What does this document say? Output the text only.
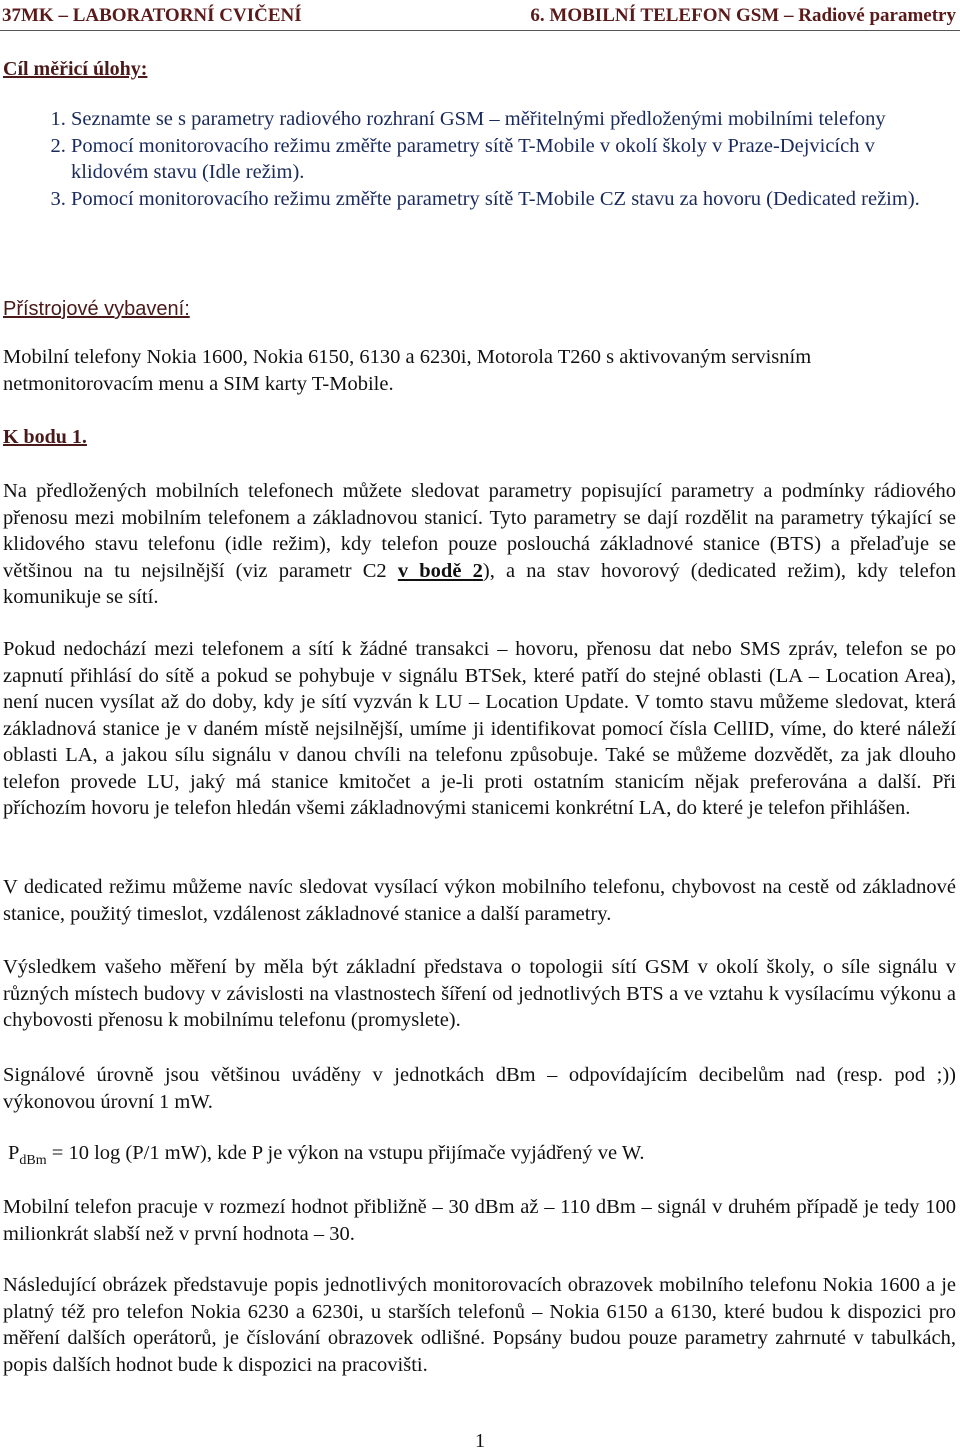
37MK – LABORATORNÍ CVIČENÍ	6. MOBILNÍ TELEFON GSM – Radiové parametry
Cíl měřicí úlohy:
1. Seznamte se s parametry radiového rozhraní GSM – měřitelnými předloženými mobilními telefony
2. Pomocí monitorovacího režimu změřte parametry sítě T-Mobile v okolí školy v Praze-Dejvicích v klidovém stavu (Idle režim).
3. Pomocí monitorovacího režimu změřte parametry sítě T-Mobile CZ stavu za hovoru (Dedicated režim).
Přístrojové vybavení:
Mobilní telefony Nokia 1600, Nokia 6150, 6130 a 6230i, Motorola T260 s aktivovaným servisním netmonitorovacím menu a SIM karty T-Mobile.
K bodu 1.
Na předložených mobilních telefonech můžete sledovat parametry popisující parametry a podmínky rádiového přenosu mezi mobilním telefonem a základnovou stanicí. Tyto parametry se dají rozdělit na parametry týkající se klidového stavu telefonu (idle režim), kdy telefon pouze poslouchá základnové stanice (BTS) a přelaďuje se většinou na tu nejsilnější (viz parametr C2 v bodě 2), a na stav hovorový (dedicated režim), kdy telefon komunikuje se sítí.
Pokud nedochází mezi telefonem a sítí k žádné transakci – hovoru, přenosu dat nebo SMS zpráv, telefon se po zapnutí přihlásí do sítě a pokud se pohybuje v signálu BTSek, které patří do stejné oblasti (LA – Location Area), není nucen vysílat až do doby, kdy je sítí vyzván k LU – Location Update. V tomto stavu můžeme sledovat, která základnová stanice je v daném místě nejsilnější, umíme ji identifikovat pomocí čísla CellID, víme, do které náleží oblasti LA, a jakou sílu signálu v danou chvíli na telefonu způsobuje. Také se můžeme dozvědět, za jak dlouho telefon provede LU, jaký má stanice kmitočet a je-li proti ostatním stanicím nějak preferována a další. Při příchozím hovoru je telefon hledán všemi základnovými stanicemi konkrétní LA, do které je telefon přihlášen.
V dedicated režimu můžeme navíc sledovat vysílací výkon mobilního telefonu, chybovost na cestě od základnové stanice, použitý timeslot, vzdálenost základnové stanice a další parametry.
Výsledkem vašeho měření by měla být základní představa o topologii sítí GSM v okolí školy, o síle signálu v různých místech budovy v závislosti na vlastnostech šíření od jednotlivých BTS a ve vztahu k vysílacímu výkonu a chybovosti přenosu k mobilnímu telefonu (promyslete).
Signálové úrovně jsou většinou uváděny v jednotkách dBm – odpovídajícím decibelům nad (resp. pod ;)) výkonovou úrovní 1 mW.
$P_{dBm} = 10$ log (P/1 mW), kde P je výkon na vstupu přijímače vyjádřený ve W.
Mobilní telefon pracuje v rozmezí hodnot přibližně – 30 dBm až – 110 dBm – signál v druhém případě je tedy 100 milionkrát slabší než v první hodnota – 30.
Následující obrázek představuje popis jednotlivých monitorovacích obrazovek mobilního telefonu Nokia 1600 a je platný též pro telefon Nokia 6230 a 6230i, u starších telefonů – Nokia 6150 a 6130, které budou k dispozici pro měření dalších operátorů, je číslování obrazovek odlišné. Popsány budou pouze parametry zahrnuté v tabulkách, popis dalších hodnot bude k dispozici na pracovišti.
1
